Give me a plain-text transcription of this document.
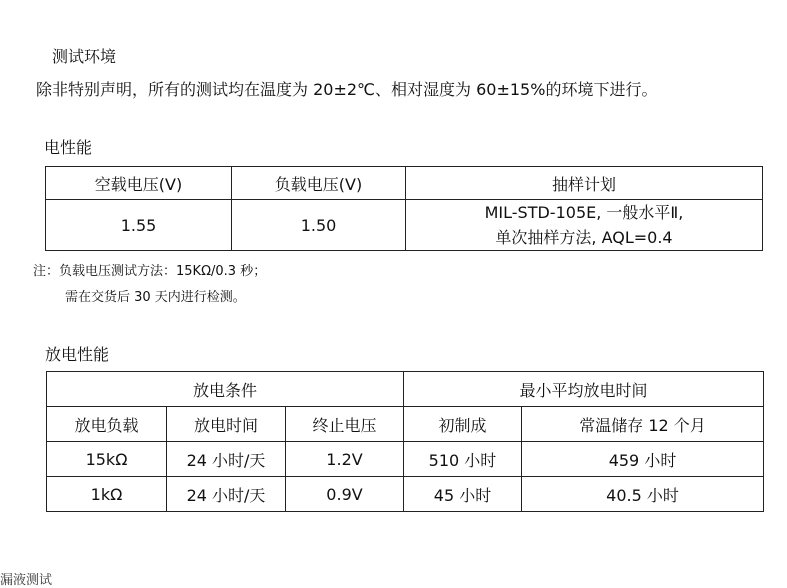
测试环境
除非特别声明，所有的测试均在温度为 20±2℃、相对湿度为 60±15%的环境下进行。
电性能
空载电压(V)	负载电压(V)	抽样计划
1.55	1.50	MIL-STD-105E, 一般水平Ⅱ,
单次抽样方法, AQL=0.4
注：负载电压测试方法：15KΩ/0.3 秒；
需在交货后 30 天内进行检测。
放电性能
放电条件			最小平均放电时间	
放电负载	放电时间	终止电压	初制成	常温储存 12 个月
15kΩ	24 小时/天	1.2V	510 小时	459 小时
1kΩ	24 小时/天	0.9V	45 小时	40.5 小时
漏液测试
